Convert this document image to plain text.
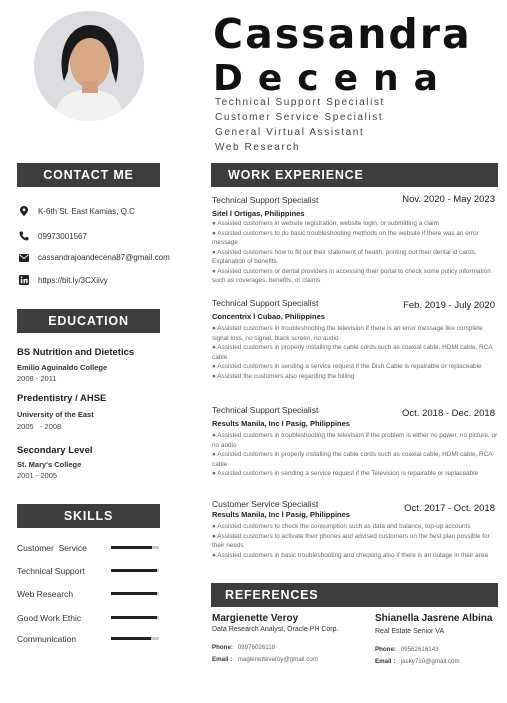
Cassandra
Decena
Technical Support Specialist
Customer Service Specialist
General Virtual Assistant
Web Research
CONTACT ME
K-6th St. East Kamias, Q.C
09973001567
cassandrajoandecena87@gmail.com
https://bit.ly/3CXiivy
EDUCATION
BS Nutrition and Dietetics
Emilio Aguinaldo College
2008 - 2011
Predentistry / AHSE
University of the East
2005   - 2008
Secondary Level
St. Mary's College
2001 - 2005
SKILLS
Customer  Service
Technical Support
Web Research
Good Work Ethic
Communication
WORK EXPERIENCE
Technical Support Specialist	Nov. 2020 - May 2023
Sitel l Ortigas, Philippines
● Assisted customers in website registration, website login, or submitting a claim
● Assisted customers to do basic troubleshooting methods on the website if there was an error message
● Assisted customers how to fill out their statement of health, printing out their dental id cards, Explanation of benefits
● Assisted customers or dental providers in accessing their portal to check some policy information such as coverages, benefits, or claims
Technical Support Specialist	Feb. 2019 - July 2020
Concentrix l Cubao, Philippines
● Assisted customers in troubleshooting the television if there is an error message like complete signal loss, no signal, black screen, no audio
● Assisted customers in properly installing the cable cords such as coaxial cable, HDMI cable, RCA cable
● Assisted customers in sending a service request if the Dish Cable is repairable or replaceable
● Assisted the customers also regarding the billing
Technical Support Specialist	Oct. 2018 - Dec. 2018
Results Manila, Inc l Pasig, Philippines
● Assisted customers in troubleshooting the television if the problem is either no power, no picture, or no audio
● Assisted customers in properly installing the cable cords such as coaxial cable, HDMI cable, RCA cable
● Assisted customers in sending a service request if the Television is repairable or replaceable
Customer Service Specialist	Oct. 2017 - Oct. 2018
Results Manila, Inc l Pasig, Philippines
● Assisted customers to check the consumption such as data and balance, top-up accounts
● Assisted customers to activate their phones and advised customers on the best plan possible for their needs
● Assisted customers in basic troubleshooting and checking also if there is an outage in their area
REFERENCES
Margienette Veroy
Data Research Analyst, Oracle PH Corp.
Phone: 09976026118
Email : magienetteveroy@gmail.com
Shianella Jasrene Albina
Real Estate Senior VA
Phone: 09562616143
Email : jasky710@gmail.com
